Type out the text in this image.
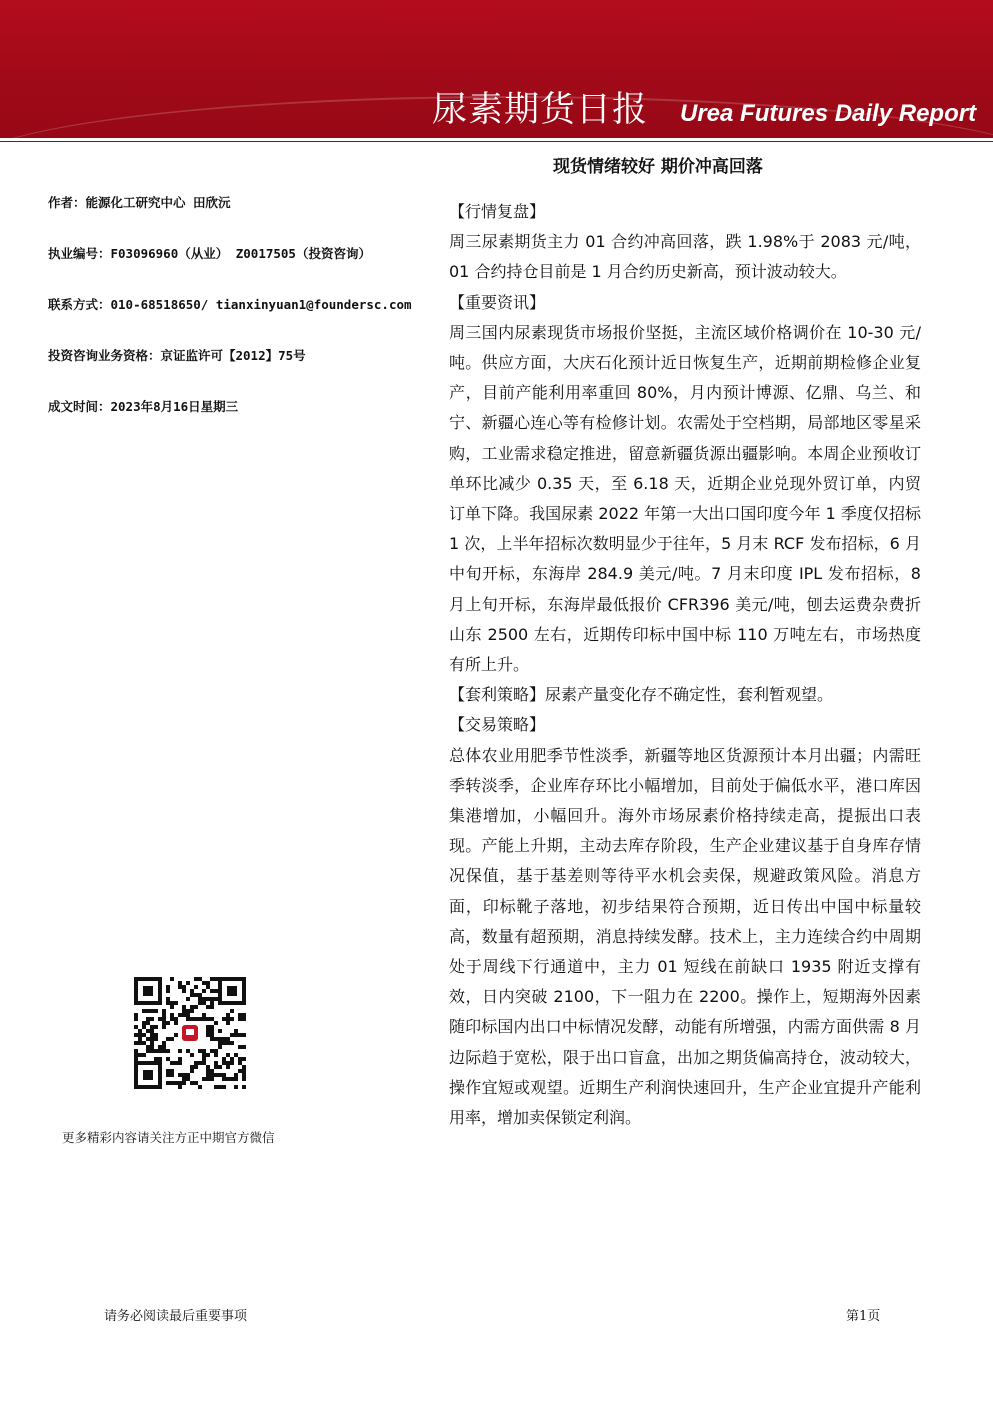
尿素期货日报 Urea Futures Daily Report
现货情绪较好 期价冲高回落
作者：能源化工研究中心 田欣沅
执业编号：F03096960（从业） Z0017505（投资咨询）
联系方式：010-68518650/ tianxinyuan1@foundersc.com
投资咨询业务资格：京证监许可【2012】75号
成文时间：2023年8月16日星期三
更多精彩内容请关注方正中期官方微信
【行情复盘】

周三尿素期货主力 01 合约冲高回落，跌 1.98%于 2083 元/吨，01 合约持仓目前是 1 月合约历史新高，预计波动较大。

【重要资讯】

周三国内尿素现货市场报价坚挺，主流区域价格调价在 10-30 元/吨。供应方面，大庆石化预计近日恢复生产，近期前期检修企业复产，目前产能利用率重回 80%，月内预计博源、亿鼎、乌兰、和宁、新疆心连心等有检修计划。农需处于空档期，局部地区零星采购，工业需求稳定推进，留意新疆货源出疆影响。本周企业预收订单环比减少 0.35 天，至 6.18 天，近期企业兑现外贸订单，内贸订单下降。我国尿素 2022 年第一大出口国印度今年 1 季度仅招标 1 次，上半年招标次数明显少于往年，5 月末 RCF 发布招标，6 月中旬开标，东海岸 284.9 美元/吨。7 月末印度 IPL 发布招标，8 月上旬开标，东海岸最低报价 CFR396 美元/吨，刨去运费杂费折山东 2500 左右，近期传印标中国中标 110 万吨左右，市场热度有所上升。

【套利策略】尿素产量变化存不确定性，套利暂观望。

【交易策略】

总体农业用肥季节性淡季，新疆等地区货源预计本月出疆；内需旺季转淡季，企业库存环比小幅增加，目前处于偏低水平，港口库因集港增加，小幅回升。海外市场尿素价格持续走高，提振出口表现。产能上升期，主动去库存阶段，生产企业建议基于自身库存情况保值，基于基差则等待平水机会卖保，规避政策风险。消息方面，印标靴子落地，初步结果符合预期，近日传出中国中标量较高，数量有超预期，消息持续发酵。技术上，主力连续合约中周期处于周线下行通道中，主力 01 短线在前缺口 1935 附近支撑有效，日内突破 2100，下一阻力在 2200。操作上，短期海外因素随印标国内出口中标情况发酵，动能有所增强，内需方面供需 8 月边际趋于宽松，限于出口盲盒，出加之期货偏高持仓，波动较大，操作宜短或观望。近期生产利润快速回升，生产企业宜提升产能利用率，增加卖保锁定利润。

请务必阅读最后重要事项	第1页
